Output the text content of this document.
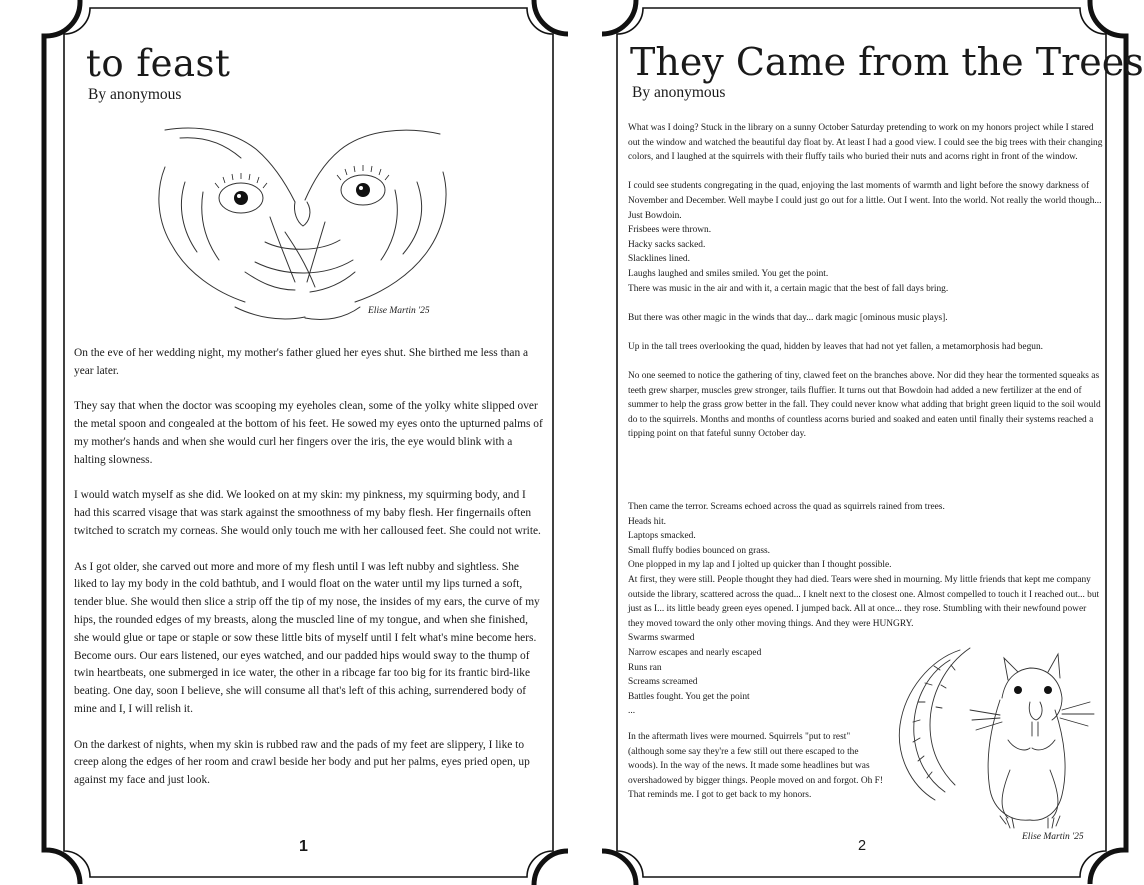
to feast
By anonymous
Elise Martin '25

On the eve of her wedding night, my mother's father glued her eyes shut. She birthed me less than a year later.

They say that when the doctor was scooping my eyeholes clean, some of the yolky white slipped over the metal spoon and congealed at the bottom of his feet. He sowed my eyes onto the upturned palms of my mother's hands and when she would curl her fingers over the iris, the eye would blink with a halting slowness.

I would watch myself as she did. We looked on at my skin: my pinkness, my squirming body, and I had this scarred visage that was stark against the smoothness of my baby flesh. Her fingernails often twitched to scratch my corneas. She would only touch me with her calloused feet. She could not write.

As I got older, she carved out more and more of my flesh until I was left nubby and sightless. She liked to lay my body in the cold bathtub, and I would float on the water until my lips turned a soft, tender blue. She would then slice a strip off the tip of my nose, the insides of my ears, the curve of my hips, the rounded edges of my breasts, along the muscled line of my tongue, and when she finished, she would glue or tape or staple or sow these little bits of myself until I felt what's mine become hers. Become ours. Our ears listened, our eyes watched, and our padded hips would sway to the thump of twin heartbeats, one submerged in ice water, the other in a ribcage far too big for its frantic bird-like beating. One day, soon I believe, she will consume all that's left of this aching, surrendered body of mine and I, I will relish it.

On the darkest of nights, when my skin is rubbed raw and the pads of my feet are slippery, I like to creep along the edges of her room and crawl beside her body and put her palms, eyes pried open, up against my face and just look.

1
They Came from the Trees
By anonymous

What was I doing? Stuck in the library on a sunny October Saturday pretending to work on my honors project while I stared out the window and watched the beautiful day float by. At least I had a good view. I could see the big trees with their changing colors, and I laughed at the squirrels with their fluffy tails who buried their nuts and acorns right in front of the window.

I could see students congregating in the quad, enjoying the last moments of warmth and light before the snowy darkness of November and December. Well maybe I could just go out for a little. Out I went. Into the world. Not really the world though... Just Bowdoin.
Frisbees were thrown.
Hacky sacks sacked.
Slacklines lined.
Laughs laughed and smiles smiled. You get the point.
There was music in the air and with it, a certain magic that the best of fall days bring.

But there was other magic in the winds that day... dark magic [ominous music plays].

Up in the tall trees overlooking the quad, hidden by leaves that had not yet fallen, a metamorphosis had begun.

No one seemed to notice the gathering of tiny, clawed feet on the branches above. Nor did they hear the tormented squeaks as teeth grew sharper, muscles grew stronger, tails fluffier. It turns out that Bowdoin had added a new fertilizer at the end of summer to help the grass grow better in the fall. They could never know what adding that bright green liquid to the soil would do to the squirrels. Months and months of countless acorns buried and soaked and eaten until finally their systems reached a tipping point on that fateful sunny October day.

Then came the terror. Screams echoed across the quad as squirrels rained from trees.
Heads hit.
Laptops smacked.
Small fluffy bodies bounced on grass.
One plopped in my lap and I jolted up quicker than I thought possible.
At first, they were still. People thought they had died. Tears were shed in mourning. My little friends that kept me company outside the library, scattered across the quad... I knelt next to the closest one. Almost compelled to touch it I reached out... but just as I... its little beady green eyes opened. I jumped back. All at once... they rose. Stumbling with their newfound power they moved toward the only other moving things. And they were HUNGRY.
Swarms swarmed
Narrow escapes and nearly escaped
Runs ran
Screams screamed
Battles fought. You get the point
...
In the aftermath lives were mourned. Squirrels "put to rest" (although some say they're a few still out there escaped to the woods). In the way of the news. It made some headlines but was overshadowed by bigger things. People moved on and forgot. Oh F! That reminds me. I got to get back to my honors.
Elise Martin '25
2
